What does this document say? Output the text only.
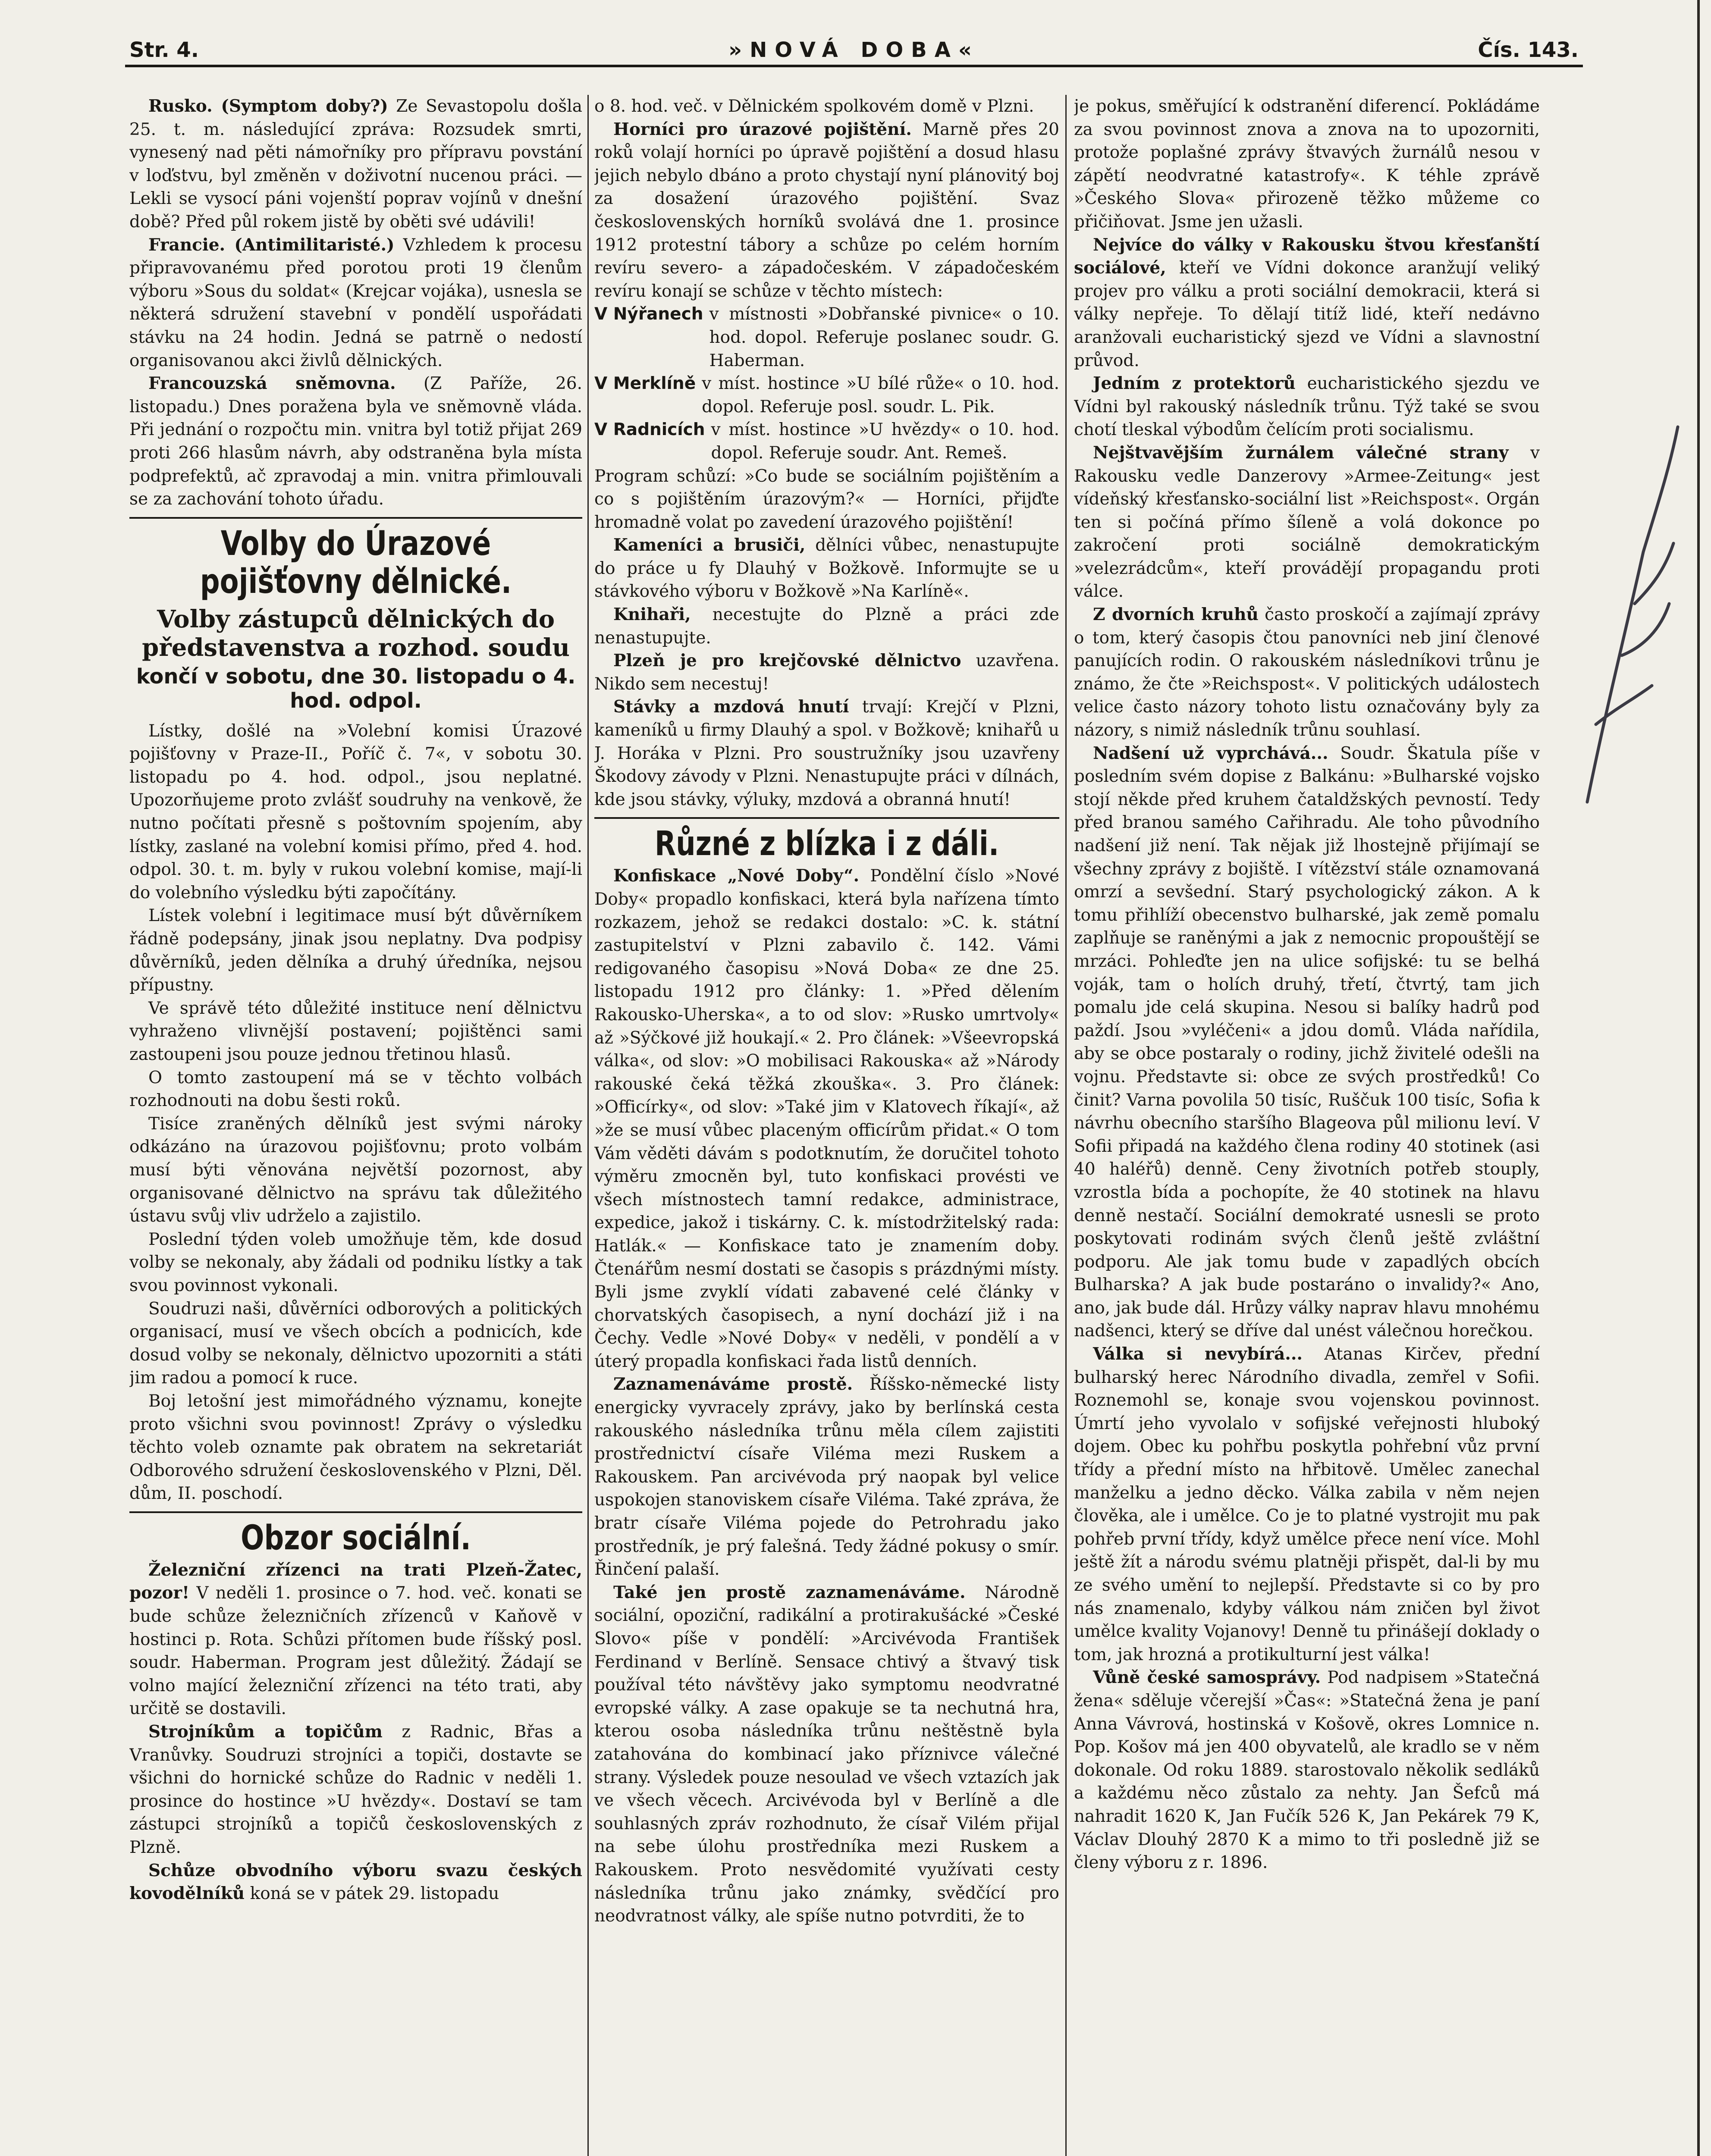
Str. 4.	»NOVÁ DOBA«	Čís. 143.

Rusko. (Symptom doby?) Ze Sevastopolu došla 25. t. m. následující zpráva: Rozsudek smrti, vynesený nad pěti námořníky pro přípravu povstání v loďstvu, byl změněn v doživotní nucenou práci. — Lekli se vysocí páni vojenští poprav vojínů v dnešní době? Před půl rokem jistě by oběti své udávili!

Francie. (Antimilitaristé.) Vzhledem k procesu připravovanému před porotou proti 19 členům výboru »Sous du soldat« (Krejcar vojáka), usnesla se některá sdružení stavební v pondělí uspořádati stávku na 24 hodin. Jedná se patrně o nedostí organisovanou akci živlů dělnických.

Francouzská sněmovna. (Z Paříže, 26. listopadu.) Dnes poražena byla ve sněmovně vláda. Při jednání o rozpočtu min. vnitra byl totiž přijat 269 proti 266 hlasům návrh, aby odstraněna byla místa podprefektů, ač zpravodaj a min. vnitra přimlouvali se za zachování tohoto úřadu.

Volby do Úrazové pojišťovny dělnické.
Volby zástupců dělnických do představenstva a rozhod. soudu
končí v sobotu, dne 30. listopadu o 4. hod. odpol.

Lístky, došlé na »Volební komisi Úrazové pojišťovny v Praze-II., Poříč č. 7«, v sobotu 30. listopadu po 4. hod. odpol., jsou neplatné. Upozorňujeme proto zvlášť soudruhy na venkově, že nutno počítati přesně s poštovním spojením, aby lístky, zaslané na volební komisi přímo, před 4. hod. odpol. 30. t. m. byly v rukou volební komise, mají-li do volebního výsledku býti započítány.

Lístek volební i legitimace musí být důvěrníkem řádně podepsány, jinak jsou neplatny. Dva podpisy důvěrníků, jeden dělníka a druhý úředníka, nejsou přípustny.

Ve správě této důležité instituce není dělnictvu vyhraženo vlivnější postavení; pojištěnci sami zastoupeni jsou pouze jednou třetinou hlasů.

O tomto zastoupení má se v těchto volbách rozhodnouti na dobu šesti roků.

Tisíce zraněných dělníků jest svými nároky odkázáno na úrazovou pojišťovnu; proto volbám musí býti věnována největší pozornost, aby organisované dělnictvo na správu tak důležitého ústavu svůj vliv udrželo a zajistilo.

Poslední týden voleb umožňuje těm, kde dosud volby se nekonaly, aby žádali od podniku lístky a tak svou povinnost vykonali.

Soudruzi naši, důvěrníci odborových a politických organisací, musí ve všech obcích a podnicích, kde dosud volby se nekonaly, dělnictvo upozorniti a státi jim radou a pomocí k ruce.

Boj letošní jest mimořádného významu, konejte proto všichni svou povinnost! Zprávy o výsledku těchto voleb oznamte pak obratem na sekretariát Odborového sdružení československého v Plzni, Děl. dům, II. poschodí.

Obzor sociální.

Železniční zřízenci na trati Plzeň-Žatec, pozor! V neděli 1. prosince o 7. hod. več. konati se bude schůze železničních zřízenců v Kaňově v hostinci p. Rota. Schůzi přítomen bude říšský posl. soudr. Haberman. Program jest důležitý. Žádají se volno mající železniční zřízenci na této trati, aby určitě se dostavili.

Strojníkům a topičům z Radnic, Břas a Vranůvky. Soudruzi strojníci a topiči, dostavte se všichni do hornické schůze do Radnic v neděli 1. prosince do hostince »U hvězdy«. Dostaví se tam zástupci strojníků a topičů československých z Plzně.

Schůze obvodního výboru svazu českých kovodělníků koná se v pátek 29. listopadu

o 8. hod. več. v Dělnickém spolkovém domě v Plzni.

Horníci pro úrazové pojištění. Marně přes 20 roků volají horníci po úpravě pojištění a dosud hlasu jejich nebylo dbáno a proto chystají nyní plánovitý boj za dosažení úrazového pojištění. Svaz československých horníků svolává dne 1. prosince 1912 protestní tábory a schůze po celém horním revíru severo- a západočeském. V západočeském revíru konají se schůze v těchto místech:

V Nýřanech v místnosti »Dobřanské pivnice« o 10. hod. dopol. Referuje poslanec soudr. G. Haberman.
V Merklíně v míst. hostince »U bílé růže« o 10. hod. dopol. Referuje posl. soudr. L. Pik.
V Radnicích v míst. hostince »U hvězdy« o 10. hod. dopol. Referuje soudr. Ant. Remeš.

Program schůzí: »Co bude se sociálním pojištěním a co s pojištěním úrazovým?« — Horníci, přijďte hromadně volat po zavedení úrazového pojištění!

Kameníci a brusiči, dělníci vůbec, nenastupujte do práce u fy Dlauhý v Božkově. Informujte se u stávkového výboru v Božkově »Na Karlíně«.

Knihaři, necestujte do Plzně a práci zde nenastupujte.

Plzeň je pro krejčovské dělnictvo uzavřena. Nikdo sem necestuj!

Stávky a mzdová hnutí trvají: Krejčí v Plzni, kameníků u firmy Dlauhý a spol. v Božkově; knihařů u J. Horáka v Plzni. Pro soustružníky jsou uzavřeny Škodovy závody v Plzni. Nenastupujte práci v dílnách, kde jsou stávky, výluky, mzdová a obranná hnutí!

Různé z blízka i z dáli.

Konfiskace „Nové Doby“. Pondělní číslo »Nové Doby« propadlo konfiskaci, která byla nařízena tímto rozkazem, jehož se redakci dostalo: »C. k. státní zastupitelství v Plzni zabavilo č. 142. Vámi redigovaného časopisu »Nová Doba« ze dne 25. listopadu 1912 pro články: 1. »Před dělením Rakousko-Uherska«, a to od slov: »Rusko umrtvoly« až »Sýčkové již houkají.« 2. Pro článek: »Všeevropská válka«, od slov: »O mobilisaci Rakouska« až »Národy rakouské čeká těžká zkouška«. 3. Pro článek: »Officírky«, od slov: »Také jim v Klatovech říkají«, až »že se musí vůbec placeným officírům přidat.« O tom Vám věděti dávám s podotknutím, že doručitel tohoto výměru zmocněn byl, tuto konfiskaci provésti ve všech místnostech tamní redakce, administrace, expedice, jakož i tiskárny. C. k. místodržitelský rada: Hatlák.« — Konfiskace tato je znamením doby. Čtenářům nesmí dostati se časopis s prázdnými místy. Byli jsme zvyklí vídati zabavené celé články v chorvatských časopisech, a nyní dochází již i na Čechy. Vedle »Nové Doby« v neděli, v pondělí a v úterý propadla konfiskaci řada listů denních.

Zaznamenáváme prostě. Říšsko-německé listy energicky vyvracely zprávy, jako by berlínská cesta rakouského následníka trůnu měla cílem zajistiti prostřednictví císaře Viléma mezi Ruskem a Rakouskem. Pan arcivévoda prý naopak byl velice uspokojen stanoviskem císaře Viléma. Také zpráva, že bratr císaře Viléma pojede do Petrohradu jako prostředník, je prý falešná. Tedy žádné pokusy o smír. Řinčení palaší.

Také jen prostě zaznamenáváme. Národně sociální, opoziční, radikální a protirakušácké »České Slovo« píše v pondělí: »Arcivévoda František Ferdinand v Berlíně. Sensace chtivý a štvavý tisk používal této návštěvy jako symptomu neodvratné evropské války. A zase opakuje se ta nechutná hra, kterou osoba následníka trůnu neštěstně byla zatahována do kombinací jako příznivce válečné strany. Výsledek pouze nesoulad ve všech vztazích jak ve všech věcech. Arcivévoda byl v Berlíně a dle souhlasných zpráv rozhodnuto, že císař Vilém přijal na sebe úlohu prostředníka mezi Ruskem a Rakouskem. Proto nesvědomité využívati cesty následníka trůnu jako známky, svědčící pro neodvratnost války, ale spíše nutno potvrditi, že to

je pokus, směřující k odstranění diferencí. Pokládáme za svou povinnost znova a znova na to upozorniti, protože poplašné zprávy štvavých žurnálů nesou v zápětí neodvratné katastrofy«. K téhle zprávě »Českého Slova« přirozeně těžko můžeme co přičiňovat. Jsme jen užasli.

Nejvíce do války v Rakousku štvou křesťanští sociálové, kteří ve Vídni dokonce aranžují veliký projev pro válku a proti sociální demokracii, která si války nepřeje. To dělají titíž lidé, kteří nedávno aranžovali eucharistický sjezd ve Vídni a slavnostní průvod.

Jedním z protektorů eucharistického sjezdu ve Vídni byl rakouský následník trůnu. Týž také se svou chotí tleskal výbodům čelícím proti socialismu.

Nejštvavějším žurnálem válečné strany v Rakousku vedle Danzerovy »Armee-Zeitung« jest vídeňský křesťansko-sociální list »Reichspost«. Orgán ten si počíná přímo šíleně a volá dokonce po zakročení proti sociálně demokratickým »velezrádcům«, kteří provádějí propagandu proti válce.

Z dvorních kruhů často proskočí a zajímají zprávy o tom, který časopis čtou panovníci neb jiní členové panujících rodin. O rakouském následníkovi trůnu je známo, že čte »Reichspost«. V politických událostech velice často názory tohoto listu označovány byly za názory, s nimiž následník trůnu souhlasí.

Nadšení už vyprchává... Soudr. Škatula píše v posledním svém dopise z Balkánu: »Bulharské vojsko stojí někde před kruhem čataldžských pevností. Tedy před branou samého Cařihradu. Ale toho původního nadšení již není. Tak nějak již lhostejně přijímají se všechny zprávy z bojiště. I vítězství stále oznamovaná omrzí a sevšední. Starý psychologický zákon. A k tomu přihlíží obecenstvo bulharské, jak země pomalu zaplňuje se raněnými a jak z nemocnic propouštějí se mrzáci. Pohleďte jen na ulice sofijské: tu se belhá voják, tam o holích druhý, třetí, čtvrtý, tam jich pomalu jde celá skupina. Nesou si balíky hadrů pod paždí. Jsou »vyléčeni« a jdou domů. Vláda nařídila, aby se obce postaraly o rodiny, jichž živitelé odešli na vojnu. Představte si: obce ze svých prostředků! Co činit? Varna povolila 50 tisíc, Ruščuk 100 tisíc, Sofia k návrhu obecního staršího Blageova půl milionu leví. V Sofii připadá na každého člena rodiny 40 stotinek (asi 40 haléřů) denně. Ceny životních potřeb stouply, vzrostla bída a pochopíte, že 40 stotinek na hlavu denně nestačí. Sociální demokraté usnesli se proto poskytovati rodinám svých členů ještě zvláštní podporu. Ale jak tomu bude v zapadlých obcích Bulharska? A jak bude postaráno o invalidy?« Ano, ano, jak bude dál. Hrůzy války naprav hlavu mnohému nadšenci, který se dříve dal unést válečnou horečkou.

Válka si nevybírá... Atanas Kirčev, přední bulharský herec Národního divadla, zemřel v Sofii. Roznemohl se, konaje svou vojenskou povinnost. Úmrtí jeho vyvolalo v sofijské veřejnosti hluboký dojem. Obec ku pohřbu poskytla pohřební vůz první třídy a přední místo na hřbitově. Umělec zanechal manželku a jedno děcko. Válka zabila v něm nejen člověka, ale i umělce. Co je to platné vystrojit mu pak pohřeb první třídy, když umělce přece není více. Mohl ještě žít a národu svému platněji přispět, dal-li by mu ze svého umění to nejlepší. Představte si co by pro nás znamenalo, kdyby válkou nám zničen byl život umělce kvality Vojanovy! Denně tu přinášejí doklady o tom, jak hrozná a protikulturní jest válka!

Vůně české samosprávy. Pod nadpisem »Statečná žena« sděluje včerejší »Čas«: »Statečná žena je paní Anna Vávrová, hostinská v Košově, okres Lomnice n. Pop. Košov má jen 400 obyvatelů, ale kradlo se v něm dokonale. Od roku 1889. starostovalo několik sedláků a každému něco zůstalo za nehty. Jan Šefců má nahradit 1620 K, Jan Fučík 526 K, Jan Pekárek 79 K, Václav Dlouhý 2870 K a mimo to tři posledně již se členy výboru z r. 1896.
